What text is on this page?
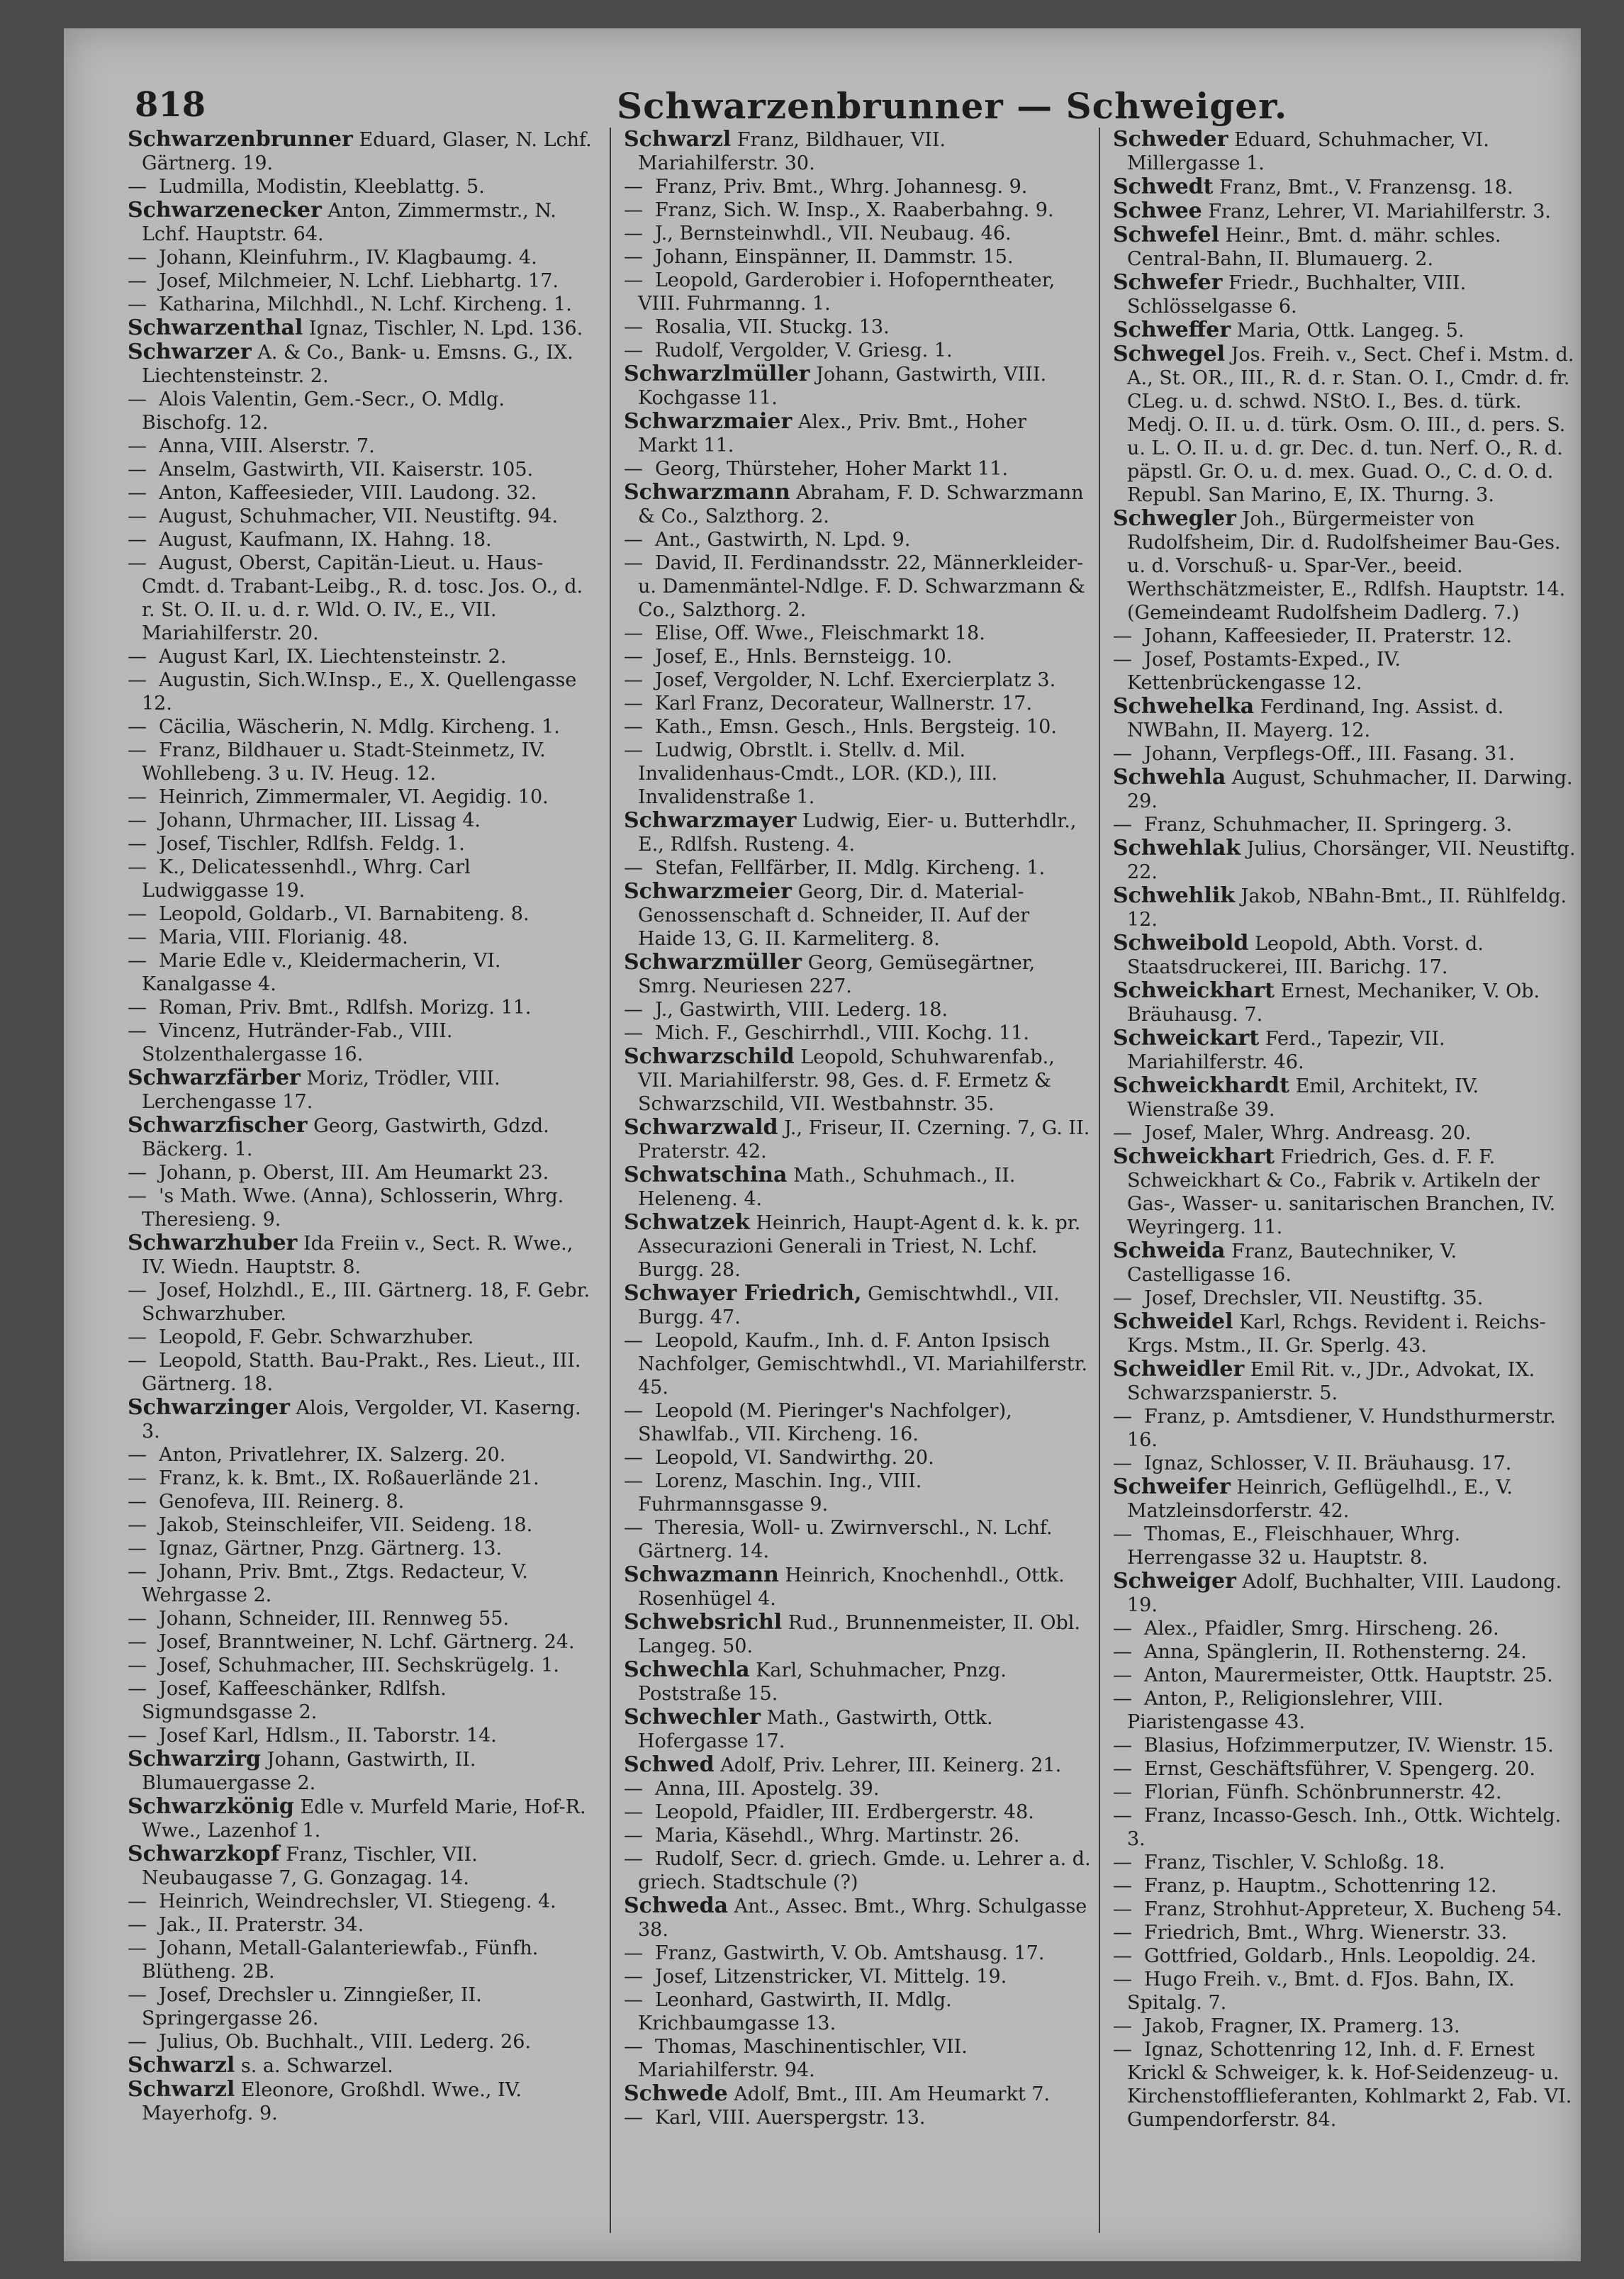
818	Schwarzenbrunner — Schweiger.

Schwarzenbrunner Eduard, Glaser, N. Lchf. Gärtnerg. 19.

— Ludmilla, Modistin, Kleeblattg. 5.

Schwarzenecker Anton, Zimmermstr., N. Lchf. Hauptstr. 64.

— Johann, Kleinfuhrm., IV. Klagbaumg. 4.

— Josef, Milchmeier, N. Lchf. Liebhartg. 17.

— Katharina, Milchhdl., N. Lchf. Kircheng. 1.

Schwarzenthal Ignaz, Tischler, N. Lpd. 136.

Schwarzer A. & Co., Bank- u. Emsns. G., IX. Liechtensteinstr. 2.

— Alois Valentin, Gem.-Secr., O. Mdlg. Bischofg. 12.

— Anna, VIII. Alserstr. 7.

— Anselm, Gastwirth, VII. Kaiserstr. 105.

— Anton, Kaffeesieder, VIII. Laudong. 32.

— August, Schuhmacher, VII. Neustiftg. 94.

— August, Kaufmann, IX. Hahng. 18.

— August, Oberst, Capitän-Lieut. u. Haus-Cmdt. d. Trabant-Leibg., R. d. tosc. Jos. O., d. r. St. O. II. u. d. r. Wld. O. IV., E., VII. Mariahilferstr. 20.

— August Karl, IX. Liechtensteinstr. 2.

— Augustin, Sich.W.Insp., E., X. Quellengasse 12.

— Cäcilia, Wäscherin, N. Mdlg. Kircheng. 1.

— Franz, Bildhauer u. Stadt-Steinmetz, IV. Wohllebeng. 3 u. IV. Heug. 12.

— Heinrich, Zimmermaler, VI. Aegidig. 10.

— Johann, Uhrmacher, III. Lissag 4.

— Josef, Tischler, Rdlfsh. Feldg. 1.

— K., Delicatessenhdl., Whrg. Carl Ludwiggasse 19.

— Leopold, Goldarb., VI. Barnabiteng. 8.

— Maria, VIII. Florianig. 48.

— Marie Edle v., Kleidermacherin, VI. Kanalgasse 4.

— Roman, Priv. Bmt., Rdlfsh. Morizg. 11.

— Vincenz, Hutränder-Fab., VIII. Stolzenthalergasse 16.

Schwarzfärber Moriz, Trödler, VIII. Lerchengasse 17.

Schwarzfischer Georg, Gastwirth, Gdzd. Bäckerg. 1.

— Johann, p. Oberst, III. Am Heumarkt 23.

— 's Math. Wwe. (Anna), Schlosserin, Whrg. Theresieng. 9.

Schwarzhuber Ida Freiin v., Sect. R. Wwe., IV. Wiedn. Hauptstr. 8.

— Josef, Holzhdl., E., III. Gärtnerg. 18, F. Gebr. Schwarzhuber.

— Leopold, F. Gebr. Schwarzhuber.

— Leopold, Statth. Bau-Prakt., Res. Lieut., III. Gärtnerg. 18.

Schwarzinger Alois, Vergolder, VI. Kaserng. 3.

— Anton, Privatlehrer, IX. Salzerg. 20.

— Franz, k. k. Bmt., IX. Roßauerlände 21.

— Genofeva, III. Reinerg. 8.

— Jakob, Steinschleifer, VII. Seideng. 18.

— Ignaz, Gärtner, Pnzg. Gärtnerg. 13.

— Johann, Priv. Bmt., Ztgs. Redacteur, V. Wehrgasse 2.

— Johann, Schneider, III. Rennweg 55.

— Josef, Branntweiner, N. Lchf. Gärtnerg. 24.

— Josef, Schuhmacher, III. Sechskrügelg. 1.

— Josef, Kaffeeschänker, Rdlfsh. Sigmundsgasse 2.

— Josef Karl, Hdlsm., II. Taborstr. 14.

Schwarzirg Johann, Gastwirth, II. Blumauergasse 2.

Schwarzkönig Edle v. Murfeld Marie, Hof-R. Wwe., Lazenhof 1.

Schwarzkopf Franz, Tischler, VII. Neubaugasse 7, G. Gonzagag. 14.

— Heinrich, Weindrechsler, VI. Stiegeng. 4.

— Jak., II. Praterstr. 34.

— Johann, Metall-Galanteriewfab., Fünfh. Blütheng. 2B.

— Josef, Drechsler u. Zinngießer, II. Springergasse 26.

— Julius, Ob. Buchhalt., VIII. Lederg. 26.

Schwarzl s. a. Schwarzel.

Schwarzl Eleonore, Großhdl. Wwe., IV. Mayerhofg. 9.

Schwarzl Franz, Bildhauer, VII. Mariahilferstr. 30.

— Franz, Priv. Bmt., Whrg. Johannesg. 9.

— Franz, Sich. W. Insp., X. Raaberbahng. 9.

— J., Bernsteinwhdl., VII. Neubaug. 46.

— Johann, Einspänner, II. Dammstr. 15.

— Leopold, Garderobier i. Hofoperntheater, VIII. Fuhrmanng. 1.

— Rosalia, VII. Stuckg. 13.

— Rudolf, Vergolder, V. Griesg. 1.

Schwarzlmüller Johann, Gastwirth, VIII. Kochgasse 11.

Schwarzmaier Alex., Priv. Bmt., Hoher Markt 11.

— Georg, Thürsteher, Hoher Markt 11.

Schwarzmann Abraham, F. D. Schwarzmann & Co., Salzthorg. 2.

— Ant., Gastwirth, N. Lpd. 9.

— David, II. Ferdinandsstr. 22, Männerkleider- u. Damenmäntel-Ndlge. F. D. Schwarzmann & Co., Salzthorg. 2.

— Elise, Off. Wwe., Fleischmarkt 18.

— Josef, E., Hnls. Bernsteigg. 10.

— Josef, Vergolder, N. Lchf. Exercierplatz 3.

— Karl Franz, Decorateur, Wallnerstr. 17.

— Kath., Emsn. Gesch., Hnls. Bergsteig. 10.

— Ludwig, Obrstlt. i. Stellv. d. Mil. Invalidenhaus-Cmdt., LOR. (KD.), III. Invalidenstraße 1.

Schwarzmayer Ludwig, Eier- u. Butterhdlr., E., Rdlfsh. Rusteng. 4.

— Stefan, Fellfärber, II. Mdlg. Kircheng. 1.

Schwarzmeier Georg, Dir. d. Material-Genossenschaft d. Schneider, II. Auf der Haide 13, G. II. Karmeliterg. 8.

Schwarzmüller Georg, Gemüsegärtner, Smrg. Neuriesen 227.

— J., Gastwirth, VIII. Lederg. 18.

— Mich. F., Geschirrhdl., VIII. Kochg. 11.

Schwarzschild Leopold, Schuhwarenfab., VII. Mariahilferstr. 98, Ges. d. F. Ermetz & Schwarzschild, VII. Westbahnstr. 35.

Schwarzwald J., Friseur, II. Czerning. 7, G. II. Praterstr. 42.

Schwatschina Math., Schuhmach., II. Heleneng. 4.

Schwatzek Heinrich, Haupt-Agent d. k. k. pr. Assecurazioni Generali in Triest, N. Lchf. Burgg. 28.

Schwayer Friedrich, Gemischtwhdl., VII. Burgg. 47.

— Leopold, Kaufm., Inh. d. F. Anton Ipsisch Nachfolger, Gemischtwhdl., VI. Mariahilferstr. 45.

— Leopold (M. Pieringer's Nachfolger), Shawlfab., VII. Kircheng. 16.

— Leopold, VI. Sandwirthg. 20.

— Lorenz, Maschin. Ing., VIII. Fuhrmannsgasse 9.

— Theresia, Woll- u. Zwirnverschl., N. Lchf. Gärtnerg. 14.

Schwazmann Heinrich, Knochenhdl., Ottk. Rosenhügel 4.

Schwebsrichl Rud., Brunnenmeister, II. Obl. Langeg. 50.

Schwechla Karl, Schuhmacher, Pnzg. Poststraße 15.

Schwechler Math., Gastwirth, Ottk. Hofergasse 17.

Schwed Adolf, Priv. Lehrer, III. Keinerg. 21.

— Anna, III. Apostelg. 39.

— Leopold, Pfaidler, III. Erdbergerstr. 48.

— Maria, Käsehdl., Whrg. Martinstr. 26.

— Rudolf, Secr. d. griech. Gmde. u. Lehrer a. d. griech. Stadtschule (?)

Schweda Ant., Assec. Bmt., Whrg. Schulgasse 38.

— Franz, Gastwirth, V. Ob. Amtshausg. 17.

— Josef, Litzenstricker, VI. Mittelg. 19.

— Leonhard, Gastwirth, II. Mdlg. Krichbaumgasse 13.

— Thomas, Maschinentischler, VII. Mariahilferstr. 94.

Schwede Adolf, Bmt., III. Am Heumarkt 7.

— Karl, VIII. Auerspergstr. 13.

Schweder Eduard, Schuhmacher, VI. Millergasse 1.

Schwedt Franz, Bmt., V. Franzensg. 18.

Schwee Franz, Lehrer, VI. Mariahilferstr. 3.

Schwefel Heinr., Bmt. d. mähr. schles. Central-Bahn, II. Blumauerg. 2.

Schwefer Friedr., Buchhalter, VIII. Schlösselgasse 6.

Schweffer Maria, Ottk. Langeg. 5.

Schwegel Jos. Freih. v., Sect. Chef i. Mstm. d. A., St. OR., III., R. d. r. Stan. O. I., Cmdr. d. fr. CLeg. u. d. schwd. NStO. I., Bes. d. türk. Medj. O. II. u. d. türk. Osm. O. III., d. pers. S. u. L. O. II. u. d. gr. Dec. d. tun. Nerf. O., R. d. päpstl. Gr. O. u. d. mex. Guad. O., C. d. O. d. Republ. San Marino, E, IX. Thurng. 3.

Schwegler Joh., Bürgermeister von Rudolfsheim, Dir. d. Rudolfsheimer Bau-Ges. u. d. Vorschuß- u. Spar-Ver., beeid. Werthschätzmeister, E., Rdlfsh. Hauptstr. 14. (Gemeindeamt Rudolfsheim Dadlerg. 7.)

— Johann, Kaffeesieder, II. Praterstr. 12.

— Josef, Postamts-Exped., IV. Kettenbrückengasse 12.

Schwehelka Ferdinand, Ing. Assist. d. NWBahn, II. Mayerg. 12.

— Johann, Verpflegs-Off., III. Fasang. 31.

Schwehla August, Schuhmacher, II. Darwing. 29.

— Franz, Schuhmacher, II. Springerg. 3.

Schwehlak Julius, Chorsänger, VII. Neustiftg. 22.

Schwehlik Jakob, NBahn-Bmt., II. Rühlfeldg. 12.

Schweibold Leopold, Abth. Vorst. d. Staatsdruckerei, III. Barichg. 17.

Schweickhart Ernest, Mechaniker, V. Ob. Bräuhausg. 7.

Schweickart Ferd., Tapezir, VII. Mariahilferstr. 46.

Schweickhardt Emil, Architekt, IV. Wienstraße 39.

— Josef, Maler, Whrg. Andreasg. 20.

Schweickhart Friedrich, Ges. d. F. F. Schweickhart & Co., Fabrik v. Artikeln der Gas-, Wasser- u. sanitarischen Branchen, IV. Weyringerg. 11.

Schweida Franz, Bautechniker, V. Castelligasse 16.

— Josef, Drechsler, VII. Neustiftg. 35.

Schweidel Karl, Rchgs. Revident i. Reichs-Krgs. Mstm., II. Gr. Sperlg. 43.

Schweidler Emil Rit. v., JDr., Advokat, IX. Schwarzspanierstr. 5.

— Franz, p. Amtsdiener, V. Hundsthurmerstr. 16.

— Ignaz, Schlosser, V. II. Bräuhausg. 17.

Schweifer Heinrich, Geflügelhdl., E., V. Matzleinsdorferstr. 42.

— Thomas, E., Fleischhauer, Whrg. Herrengasse 32 u. Hauptstr. 8.

Schweiger Adolf, Buchhalter, VIII. Laudong. 19.

— Alex., Pfaidler, Smrg. Hirscheng. 26.

— Anna, Spänglerin, II. Rothensterng. 24.

— Anton, Maurermeister, Ottk. Hauptstr. 25.

— Anton, P., Religionslehrer, VIII. Piaristengasse 43.

— Blasius, Hofzimmerputzer, IV. Wienstr. 15.

— Ernst, Geschäftsführer, V. Spengerg. 20.

— Florian, Fünfh. Schönbrunnerstr. 42.

— Franz, Incasso-Gesch. Inh., Ottk. Wichtelg. 3.

— Franz, Tischler, V. Schloßg. 18.

— Franz, p. Hauptm., Schottenring 12.

— Franz, Strohhut-Appreteur, X. Bucheng 54.

— Friedrich, Bmt., Whrg. Wienerstr. 33.

— Gottfried, Goldarb., Hnls. Leopoldig. 24.

— Hugo Freih. v., Bmt. d. FJos. Bahn, IX. Spitalg. 7.

— Jakob, Fragner, IX. Pramerg. 13.

— Ignaz, Schottenring 12, Inh. d. F. Ernest Krickl & Schweiger, k. k. Hof-Seidenzeug- u. Kirchenstofflieferanten, Kohlmarkt 2, Fab. VI. Gumpendorferstr. 84.
